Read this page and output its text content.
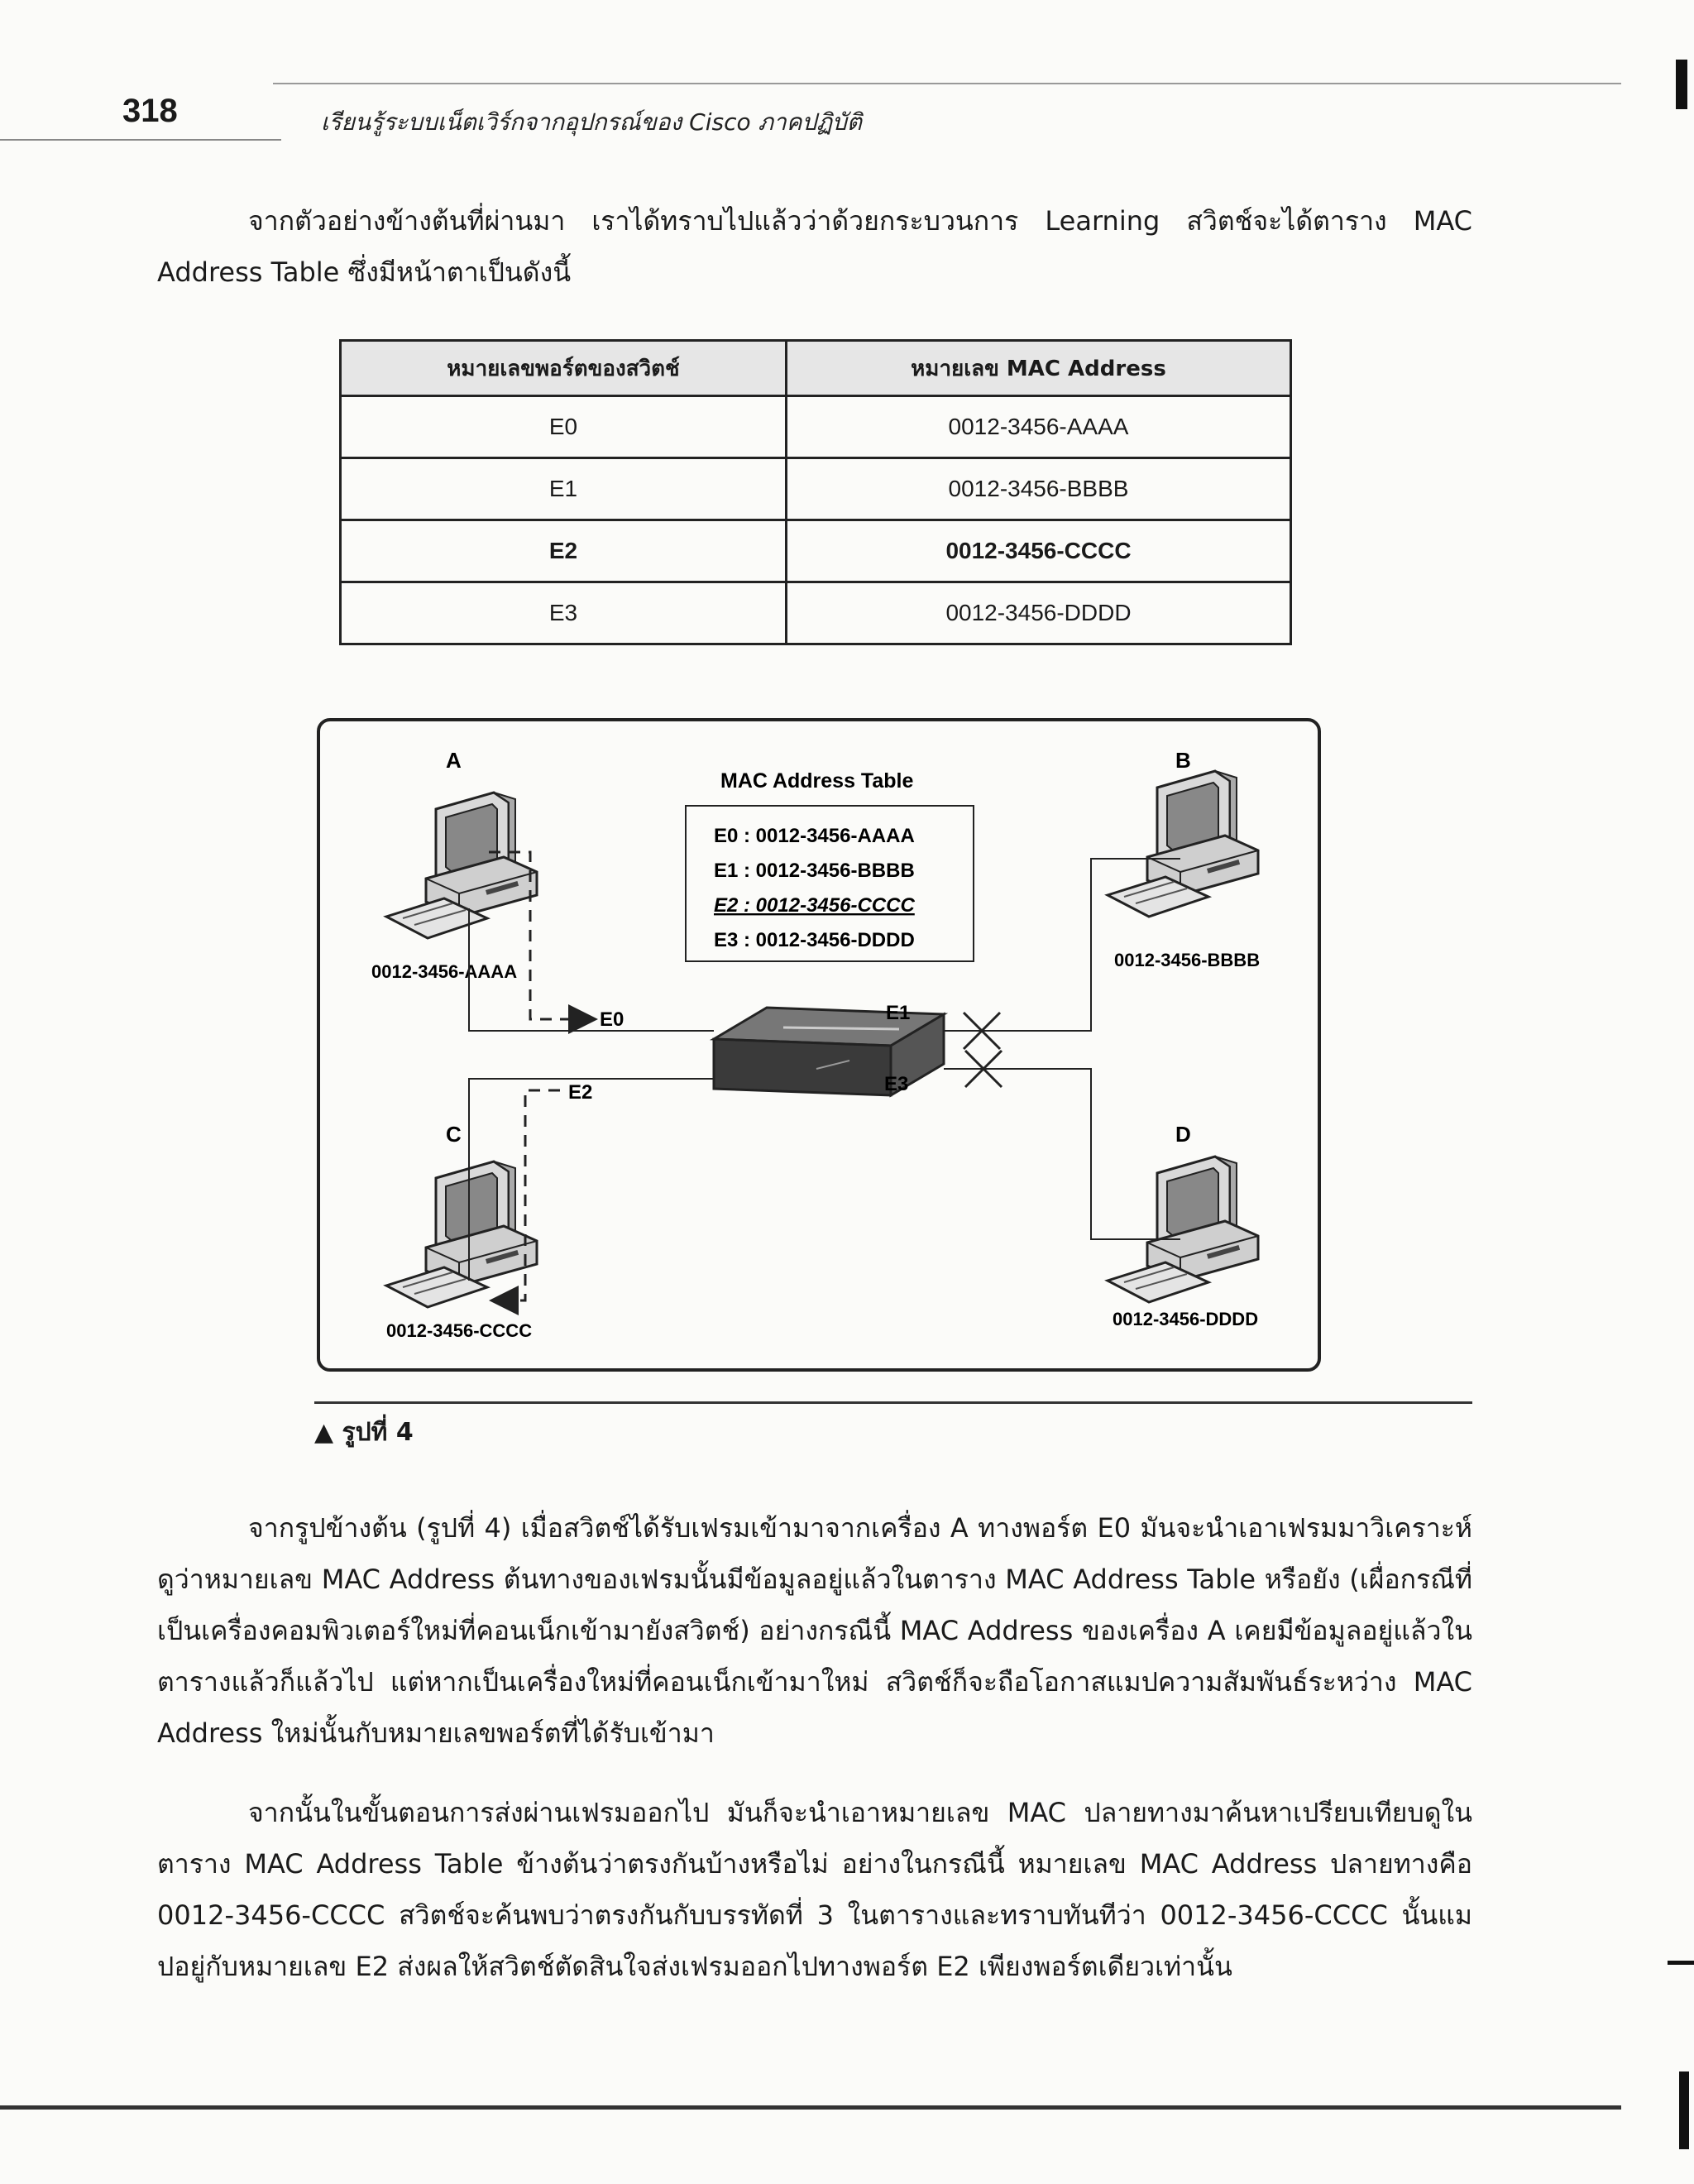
318	เรียนรู้ระบบเน็ตเวิร์กจากอุปกรณ์ของ Cisco ภาคปฏิบัติ
จากตัวอย่างข้างต้นที่ผ่านมา เราได้ทราบไปแล้วว่าด้วยกระบวนการ Learning สวิตช์จะได้ตาราง MAC Address Table ซึ่งมีหน้าตาเป็นดังนี้
หมายเลขพอร์ตของสวิตช์	หมายเลข MAC Address
E0	0012-3456-AAAA
E1	0012-3456-BBBB
E2	0012-3456-CCCC
E3	0012-3456-DDDD
A
0012-3456-AAAA
B
0012-3456-BBBB
C
0012-3456-CCCC
D
0012-3456-DDDD
MAC Address Table
E0 : 0012-3456-AAAA
E1 : 0012-3456-BBBB
E2 : 0012-3456-CCCC
E3 : 0012-3456-DDDD
E0
E2
E1
E3
▲ รูปที่ 4
จากรูปข้างต้น (รูปที่ 4) เมื่อสวิตช์ได้รับเฟรมเข้ามาจากเครื่อง A ทางพอร์ต E0 มันจะนำเอาเฟรมมาวิเคราะห์ดูว่าหมายเลข MAC Address ต้นทางของเฟรมนั้นมีข้อมูลอยู่แล้วในตาราง MAC Address Table หรือยัง (เผื่อกรณีที่เป็นเครื่องคอมพิวเตอร์ใหม่ที่คอนเน็กเข้ามายังสวิตช์) อย่างกรณีนี้ MAC Address ของเครื่อง A เคยมีข้อมูลอยู่แล้วในตารางแล้วก็แล้วไป แต่หากเป็นเครื่องใหม่ที่คอนเน็กเข้ามาใหม่ สวิตช์ก็จะถือโอกาสแมปความสัมพันธ์ระหว่าง MAC Address ใหม่นั้นกับหมายเลขพอร์ตที่ได้รับเข้ามา
จากนั้นในขั้นตอนการส่งผ่านเฟรมออกไป มันก็จะนำเอาหมายเลข MAC ปลายทางมาค้นหาเปรียบเทียบดูในตาราง MAC Address Table ข้างต้นว่าตรงกันบ้างหรือไม่ อย่างในกรณีนี้ หมายเลข MAC Address ปลายทางคือ 0012-3456-CCCC สวิตช์จะค้นพบว่าตรงกันกับบรรทัดที่ 3 ในตารางและทราบทันทีว่า 0012-3456-CCCC นั้นแมปอยู่กับหมายเลข E2 ส่งผลให้สวิตช์ตัดสินใจส่งเฟรมออกไปทางพอร์ต E2 เพียงพอร์ตเดียวเท่านั้น
